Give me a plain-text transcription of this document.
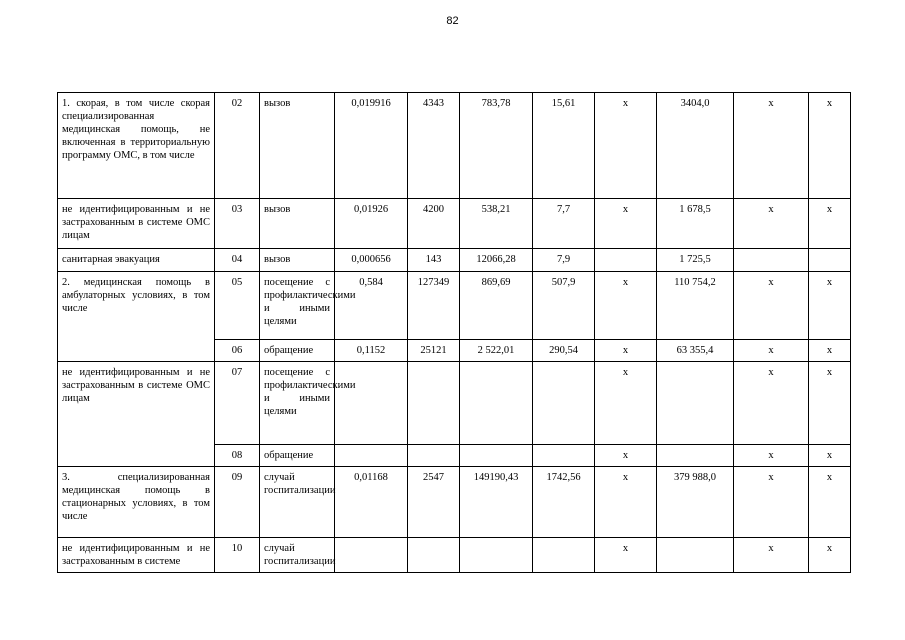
82
1. скорая, в том числе скорая специализированная медицинская помощь, не включенная в территориальную программу ОМС, в том числе	02	вызов	0,019916	4343	783,78	15,61	х	3404,0	х	х
не идентифицированным и не застрахованным в системе ОМС лицам	03	вызов	0,01926	4200	538,21	7,7	х	1 678,5	х	х
санитарная эвакуация	04	вызов	0,000656	143	12066,28	7,9		1 725,5		
2. медицинская помощь в амбулаторных условиях, в том числе	05	посещение с профилактическими и иными целями	0,584	127349	869,69	507,9	х	110 754,2	х	х
	06	обращение	0,1152	25121	2 522,01	290,54	х	63 355,4	х	х
не идентифицированным и не застрахованным в системе ОМС лицам	07	посещение с профилактическими и иными целями					х		х	х
	08	обращение					х		х	х
3. специализированная медицинская помощь в стационарных условиях, в том числе	09	случай госпитализации	0,01168	2547	149190,43	1742,56	х	379 988,0	х	х
не идентифицированным и не застрахованным в системе	10	случай госпитализации					х		х	х
